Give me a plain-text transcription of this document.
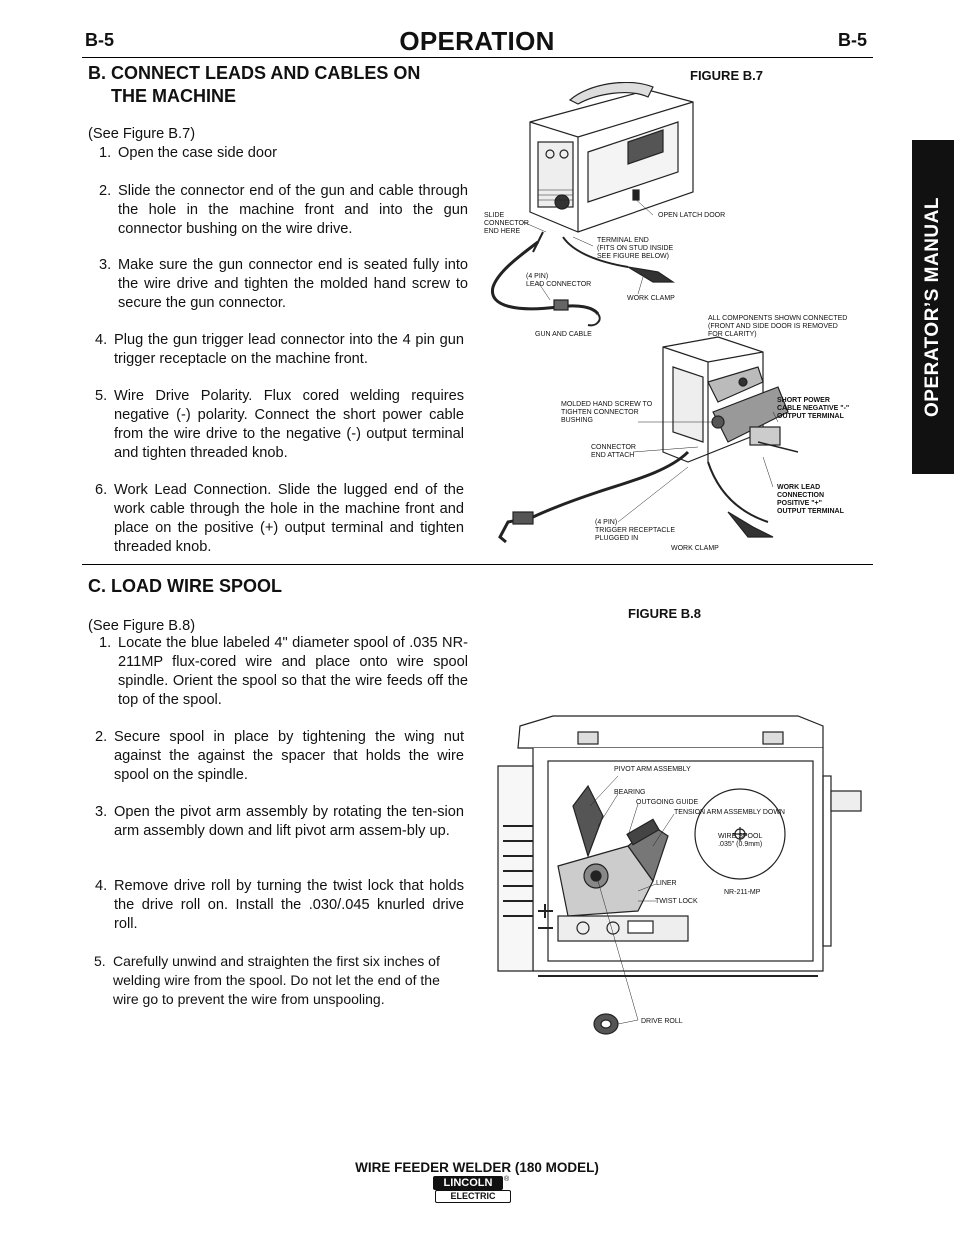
B-5	OPERATION	B-5
OPERATOR’S MANUAL
B. CONNECT LEADS AND CABLES ON
THE MACHINE
(See Figure B.7)
1. Open the case side door
2. Slide the connector end of the gun and cable through the hole in the machine front and into the gun connector bushing on the wire drive.
3. Make sure the gun connector end is seated fully into the wire drive and tighten the molded hand screw to secure the gun connector.
4. Plug the gun trigger lead connector into the 4 pin gun trigger receptacle on the machine front.
5. Wire Drive Polarity. Flux cored welding requires negative (-) polarity. Connect the short power cable from the wire drive to the negative (-) output terminal and tighten threaded knob.
6. Work Lead Connection. Slide the lugged end of the work cable through the hole in the machine front and place on the positive (+) output terminal and tighten threaded knob.
FIGURE B.7
SLIDE
CONNECTOR
END HERE
OPEN LATCH DOOR
TERMINAL END
(FITS ON STUD INSIDE
SEE FIGURE BELOW)
(4 PIN)
LEAD CONNECTOR
WORK CLAMP
GUN AND CABLE
ALL COMPONENTS SHOWN CONNECTED
(FRONT AND SIDE DOOR IS REMOVED
FOR CLARITY)
MOLDED HAND SCREW TO
TIGHTEN CONNECTOR
BUSHING
SHORT POWER
CABLE NEGATIVE "-"
OUTPUT TERMINAL
CONNECTOR
END ATTACH
WORK LEAD
CONNECTION
POSITIVE "+"
OUTPUT TERMINAL
(4 PIN)
TRIGGER RECEPTACLE
PLUGGED IN
WORK CLAMP
C. LOAD WIRE SPOOL
(See Figure B.8)
1. Locate the blue labeled 4" diameter spool of .035 NR-211MP flux-cored wire and place onto wire spool spindle. Orient the spool so that the wire feeds off the top of the spool.
2. Secure spool in place by tightening the wing nut against the against the spacer that holds the wire spool on the spindle.
3. Open the pivot arm assembly by rotating the ten-sion arm assembly down and lift pivot arm assem-bly up.
4. Remove drive roll by turning the twist lock that holds the drive roll on. Install the .030/.045 knurled drive roll.
5. Carefully unwind and straighten the first six inches of welding wire from the spool. Do not let the end of the wire go to prevent the wire from unspooling.
FIGURE B.8
PIVOT ARM ASSEMBLY
BEARING
OUTGOING GUIDE
TENSION ARM ASSEMBLY DOWN
WIRE SPOOL
.035" (0.9mm)
NR-211-MP
LINER
TWIST LOCK
DRIVE ROLL
WIRE FEEDER WELDER (180 MODEL)
LINCOLN	®
ELECTRIC
